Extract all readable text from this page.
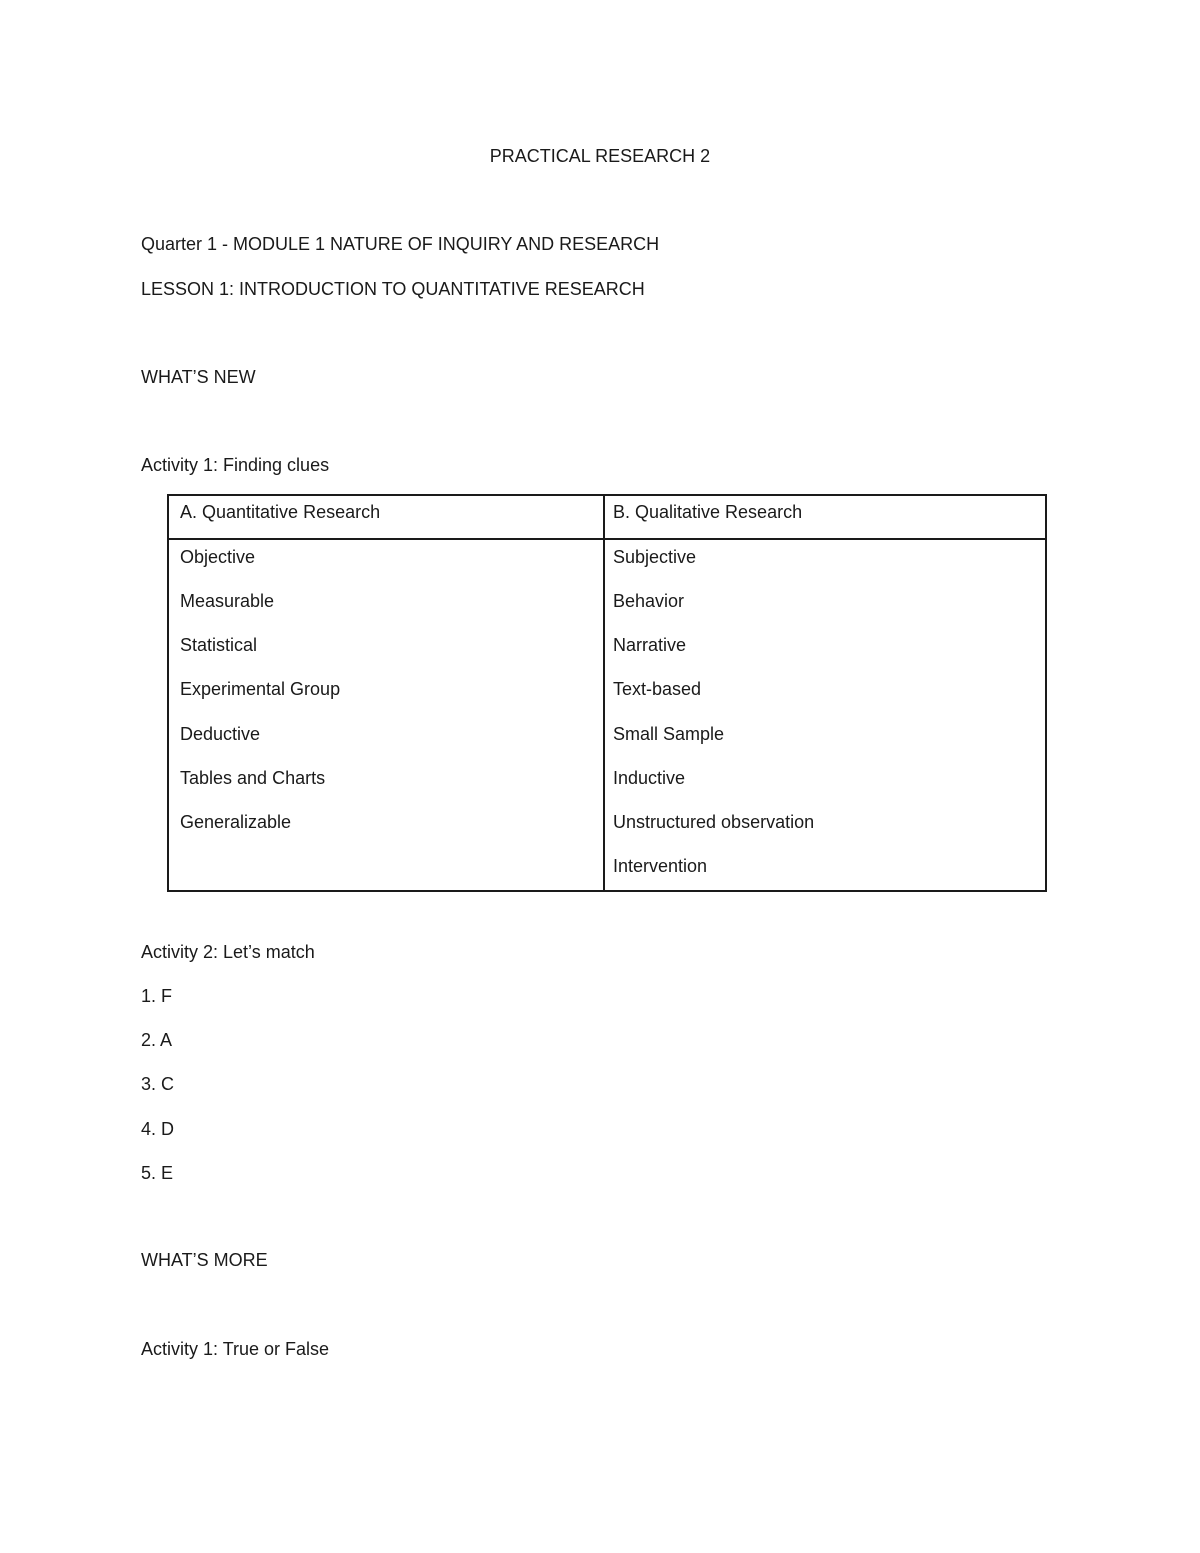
PRACTICAL RESEARCH 2
Quarter 1 - MODULE 1 NATURE OF INQUIRY AND RESEARCH
LESSON 1: INTRODUCTION TO QUANTITATIVE RESEARCH
WHAT’S NEW
Activity 1: Finding clues
A. Quantitative Research	B. Qualitative Research
Objective
Measurable
Statistical
Experimental Group
Deductive
Tables and Charts
Generalizable
Subjective
Behavior
Narrative
Text-based
Small Sample
Inductive
Unstructured observation
Intervention
Activity 2: Let’s match
1. F
2. A
3. C
4. D
5. E
WHAT’S MORE
Activity 1: True or False
